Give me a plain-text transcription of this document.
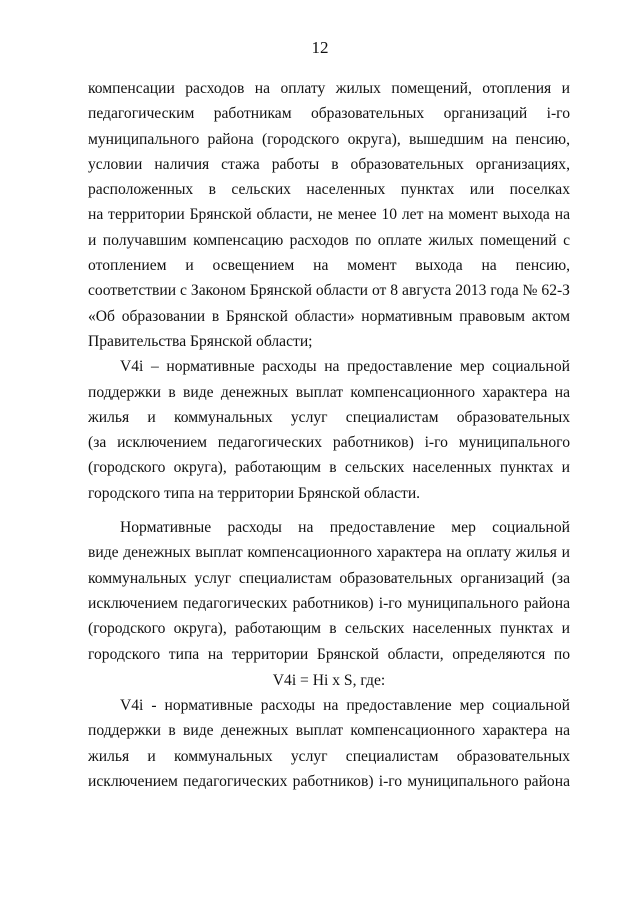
12
компенсации расходов на оплату жилых помещений, отопления и
педагогическим работникам образовательных организаций i-го
муниципального района (городского округа), вышедшим на пенсию,
условии наличия стажа работы в образовательных организациях,
расположенных в сельских населенных пунктах или поселках
на территории Брянской области, не менее 10 лет на момент выхода на
и получавшим компенсацию расходов по оплате жилых помещений с
отоплением и освещением на момент выхода на пенсию,
соответствии с Законом Брянской области от 8 августа 2013 года № 62-З
«Об образовании в Брянской области» нормативным правовым актом
Правительства Брянской области;
V4i – нормативные расходы на предоставление мер социальной
поддержки в виде денежных выплат компенсационного характера на
жилья и коммунальных услуг специалистам образовательных
(за исключением педагогических работников) i-го муниципального
(городского округа), работающим в сельских населенных пунктах и
городского типа на территории Брянской области.
Нормативные расходы на предоставление мер социальной
виде денежных выплат компенсационного характера на оплату жилья и
коммунальных услуг специалистам образовательных организаций (за
исключением педагогических работников) i-го муниципального района
(городского округа), работающим в сельских населенных пунктах и
городского типа на территории Брянской области, определяются по
V4i = Hi x S, где:
V4i - нормативные расходы на предоставление мер социальной
поддержки в виде денежных выплат компенсационного характера на
жилья и коммунальных услуг специалистам образовательных
исключением педагогических работников) i-го муниципального района
